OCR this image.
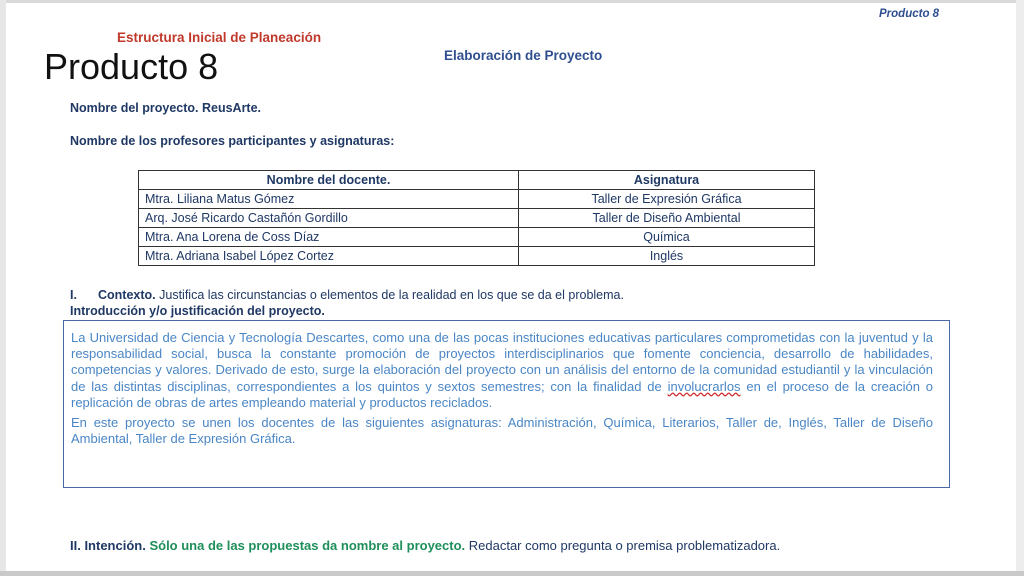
Estructura Inicial de Planeación
Producto 8
Producto 8	Elaboración de Proyecto
Nombre del proyecto. ReusArte.
Nombre de los profesores participantes y asignaturas:
Nombre del docente.	Asignatura
Mtra. Liliana Matus Gómez	Taller de Expresión Gráfica
Arq. José Ricardo Castañón Gordillo	Taller de Diseño Ambiental
Mtra. Ana Lorena de Coss Díaz	Química
Mtra. Adriana Isabel López Cortez	Inglés
I. Contexto. Justifica las circunstancias o elementos de la realidad en los que se da el problema.
Introducción y/o justificación del proyecto.

La Universidad de Ciencia y Tecnología Descartes, como una de las pocas instituciones educativas particulares comprometidas con la juventud y la responsabilidad social, busca la constante promoción de proyectos interdisciplinarios que fomente conciencia, desarrollo de habilidades, competencias y valores. Derivado de esto, surge la elaboración del proyecto con un análisis del entorno de la comunidad estudiantil y la vinculación de las distintas disciplinas, correspondientes a los quintos y sextos semestres; con la finalidad de involucrarlos en el proceso de la creación o replicación de obras de artes empleando material y productos reciclados.

En este proyecto se unen los docentes de las siguientes asignaturas: Administración, Química, Literarios, Taller de, Inglés, Taller de Diseño Ambiental, Taller de Expresión Gráfica.

II. Intención. Sólo una de las propuestas da nombre al proyecto. Redactar como pregunta o premisa problematizadora.
